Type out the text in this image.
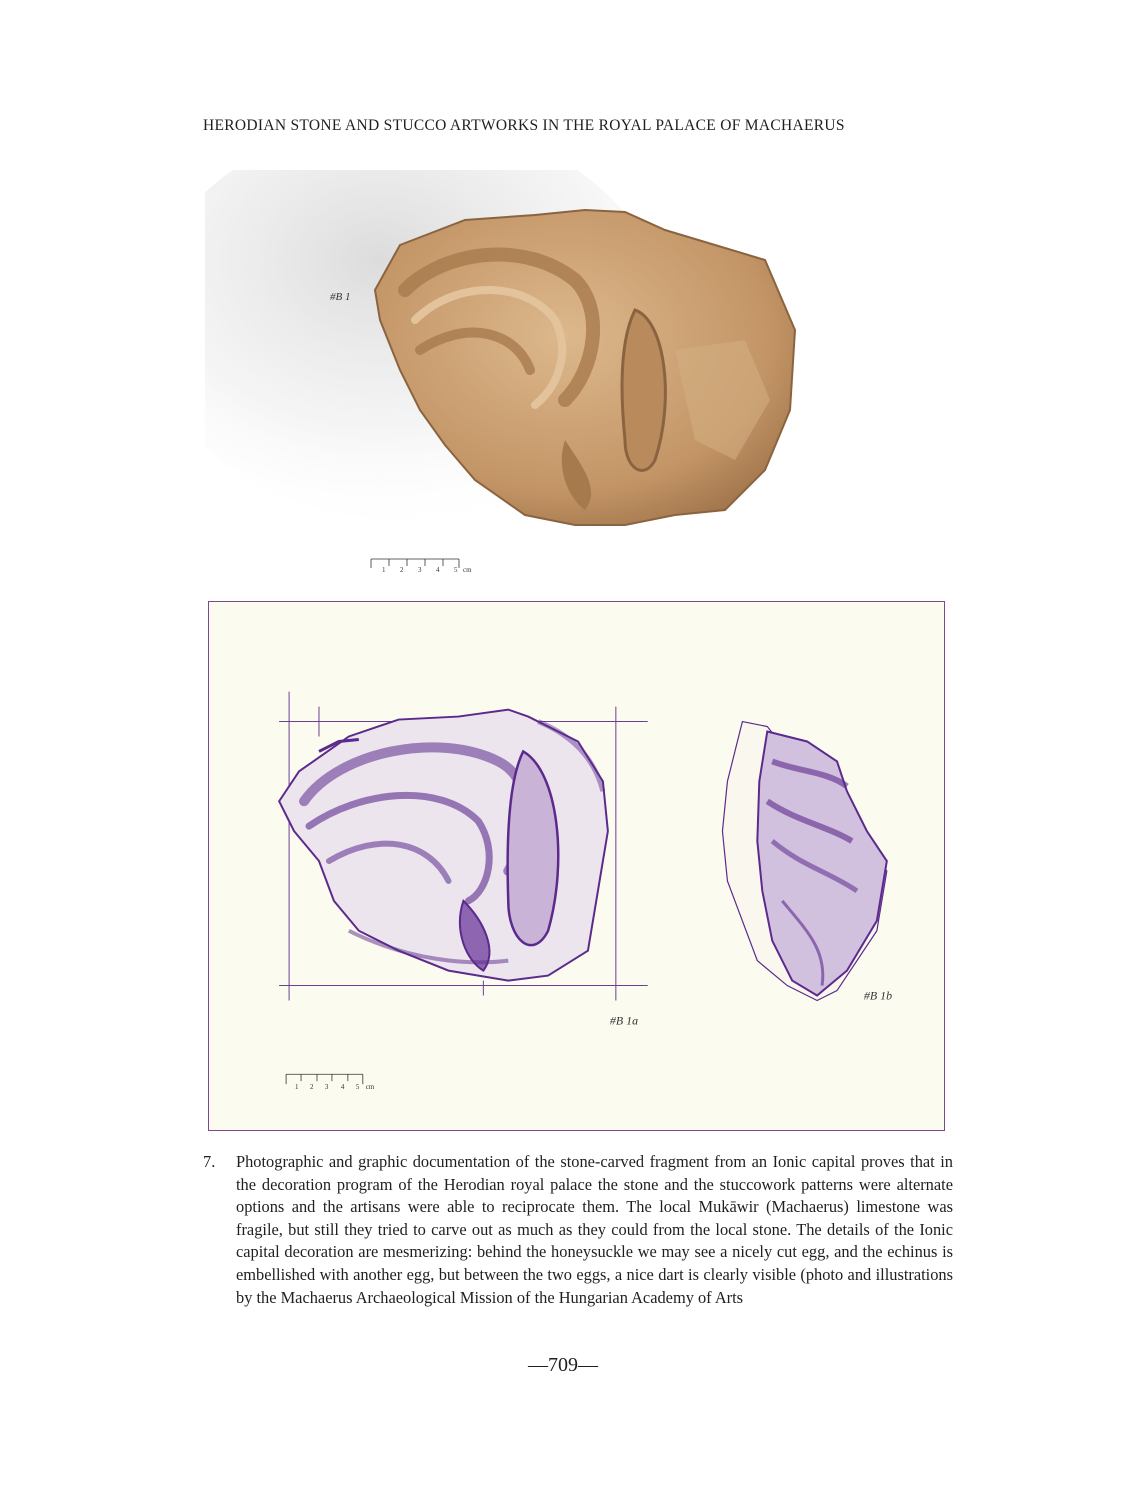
HERODIAN STONE AND STUCCO ARTWORKS IN THE ROYAL PALACE OF MACHAERUS
#B 1
1 2 3 4 5 cm
#B 1a
#B 1b
1 2 3 4 5 cm
7. Photographic and graphic documentation of the stone-carved fragment from an Ionic capital proves that in the decoration program of the Herodian royal palace the stone and the stuccowork patterns were alternate options and the artisans were able to reciprocate them. The local Mukāwir (Machaerus) limestone was fragile, but still they tried to carve out as much as they could from the local stone. The details of the Ionic capital decoration are mesmerizing: behind the honeysuckle we may see a nicely cut egg, and the echinus is embellished with another egg, but between the two eggs, a nice dart is clearly visible (photo and illustrations by the Machaerus Archaeological Mission of the Hungarian Academy of Arts
—709—
